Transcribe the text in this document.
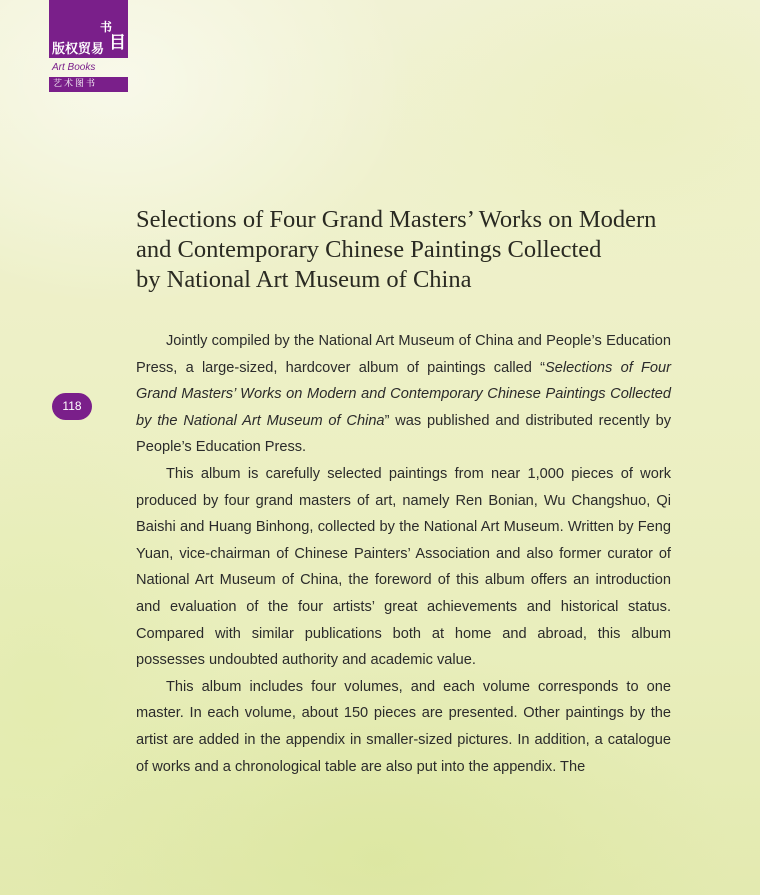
书
目
版权贸易
Art Books
艺术图书
118
Selections of Four Grand Masters’ Works on Modern
and Contemporary Chinese Paintings Collected
by National Art Museum of China

Jointly compiled by the National Art Museum of China and People’s Education Press, a large-sized, hardcover album of paintings called “Selections of Four Grand Masters’ Works on Modern and Contemporary Chinese Paintings Collected by the National Art Museum of China” was published and distributed recently by People’s Education Press.

This album is carefully selected paintings from near 1,000 pieces of work produced by four grand masters of art, namely Ren Bonian, Wu Changshuo, Qi Baishi and Huang Binhong, collected by the National Art Museum. Written by Feng Yuan, vice-chairman of Chinese Painters’ Association and also former curator of National Art Museum of China, the foreword of this album offers an introduction and evaluation of the four artists’ great achievements and historical status. Compared with similar publications both at home and abroad, this album possesses undoubted authority and academic value.

This album includes four volumes, and each volume corresponds to one master. In each volume, about 150 pieces are presented. Other paintings by the artist are added in the appendix in smaller-sized pictures. In addition, a catalogue of works and a chronological table are also put into the appendix. The
